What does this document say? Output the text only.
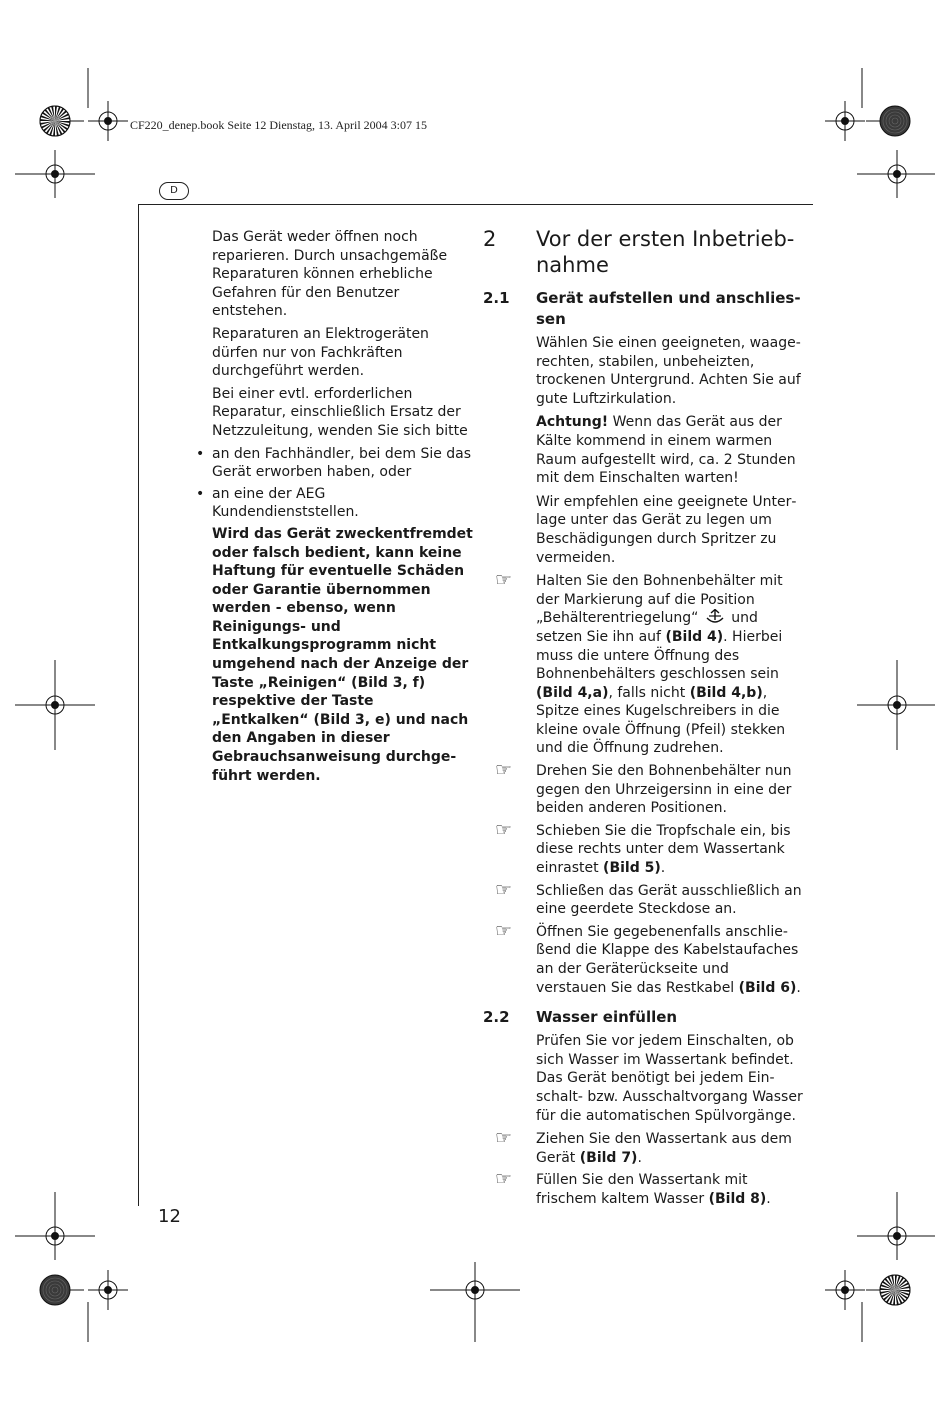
CF220_denep.book Seite 12 Dienstag, 13. April 2004 3:07 15
D

Das Gerät weder öffnen noch reparieren. Durch unsachgemäße Reparaturen können erhebliche Gefahren für den Benutzer entstehen.

Reparaturen an Elektrogeräten dürfen nur von Fachkräften durchgeführt werden.

Bei einer evtl. erforderlichen Reparatur, einschließlich Ersatz der Netzzuleitung, wenden Sie sich bitte

• an den Fachhändler, bei dem Sie das Gerät erworben haben, oder
• an eine der AEG Kundendienststellen.

Wird das Gerät zweckentfremdet oder falsch bedient, kann keine Haftung für eventuelle Schäden oder Garantie übernommen werden - ebenso, wenn Reinigungs- und Entkalkungsprogramm nicht umgehend nach der Anzeige der Taste „Reinigen“ (Bild 3, f) respektive der Taste „Entkalken“ (Bild 3, e) und nach den Angaben in dieser Gebrauchsanweisung durchgeführt werden.

2 Vor der ersten Inbetriebnahme
2.1 Gerät aufstellen und anschliessen

Wählen Sie einen geeigneten, waagerechten, stabilen, unbeheizten, trockenen Untergrund. Achten Sie auf gute Luftzirkulation.

Achtung! Wenn das Gerät aus der Kälte kommend in einem warmen Raum aufgestellt wird, ca. 2 Stunden mit dem Einschalten warten!

Wir empfehlen eine geeignete Unterlage unter das Gerät zu legen um Beschädigungen durch Spritzer zu vermeiden.

☞ Halten Sie den Bohnenbehälter mit der Markierung auf die Position „Behälterentriegelung“  und setzen Sie ihn auf (Bild 4). Hierbei muss die untere Öffnung des Bohnenbehälters geschlossen sein (Bild 4,a), falls nicht (Bild 4,b), Spitze eines Kugelschreibers in die kleine ovale Öffnung (Pfeil) stekken und die Öffnung zudrehen.
☞ Drehen Sie den Bohnenbehälter nun gegen den Uhrzeigersinn in eine der beiden anderen Positionen.
☞ Schieben Sie die Tropfschale ein, bis diese rechts unter dem Wassertank einrastet (Bild 5).
☞ Schließen das Gerät ausschließlich an eine geerdete Steckdose an.
☞ Öffnen Sie gegebenenfalls anschließend die Klappe des Kabelstaufaches an der Geräterückseite und verstauen Sie das Restkabel (Bild 6).
2.2 Wasser einfüllen

Prüfen Sie vor jedem Einschalten, ob sich Wasser im Wassertank befindet. Das Gerät benötigt bei jedem Einschalt- bzw. Ausschaltvorgang Wasser für die automatischen Spülvorgänge.

☞ Ziehen Sie den Wassertank aus dem Gerät (Bild 7).
☞ Füllen Sie den Wassertank mit frischem kaltem Wasser (Bild 8).
12
